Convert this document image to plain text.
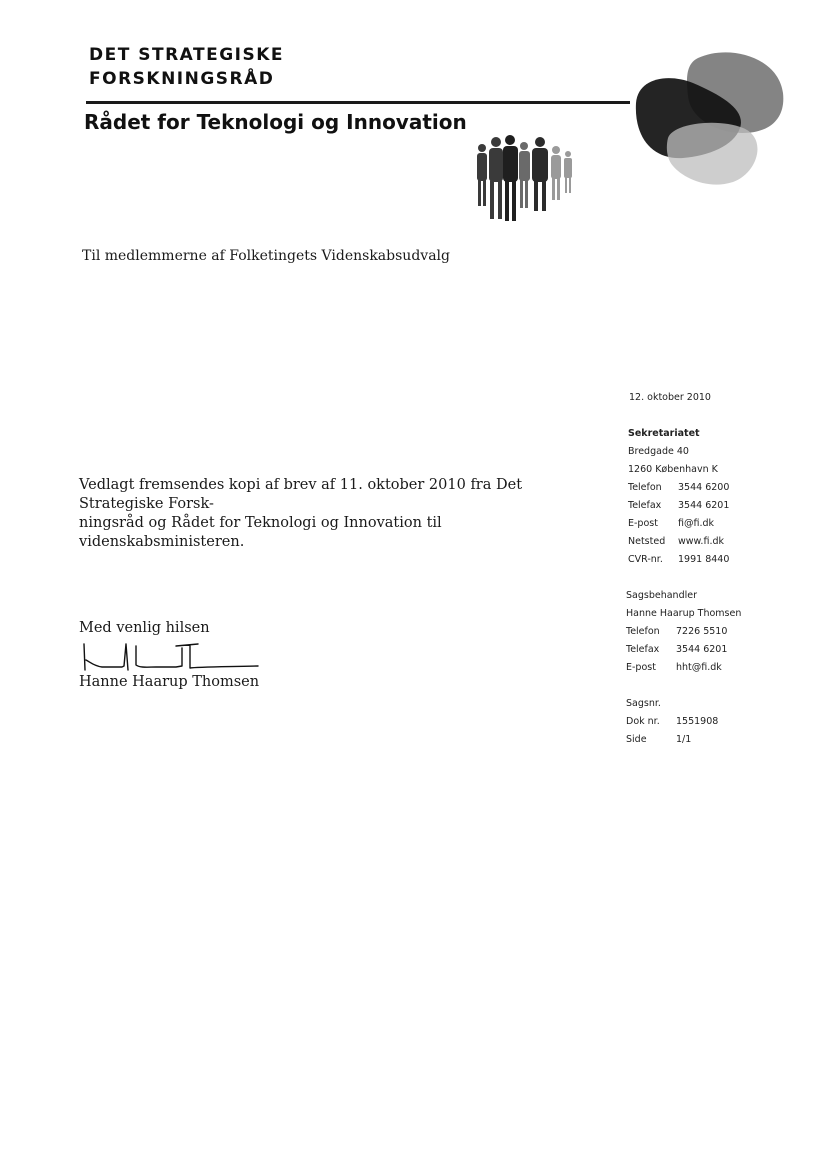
DET STRATEGISKE
FORSKNINGSRÅD
Rådet for Teknologi og Innovation
Til medlemmerne af Folketingets Videnskabsudvalg
Vedlagt fremsendes kopi af brev af 11. oktober 2010 fra Det Strategiske Forsk-
ningsråd og Rådet for Teknologi og Innovation til videnskabsministeren.
Med venlig hilsen
Hanne Haarup Thomsen
12. oktober 2010
Sekretariatet
Bredgade 40
1260 København K
Telefon	3544 6200
Telefax	3544 6201
E-post	fi@fi.dk
Netsted	www.fi.dk
CVR-nr.	1991 8440
Sagsbehandler
Hanne Haarup Thomsen
Telefon	7226 5510
Telefax	3544 6201
E-post	hht@fi.dk
Sagsnr.
Dok nr.	1551908
Side	1/1
